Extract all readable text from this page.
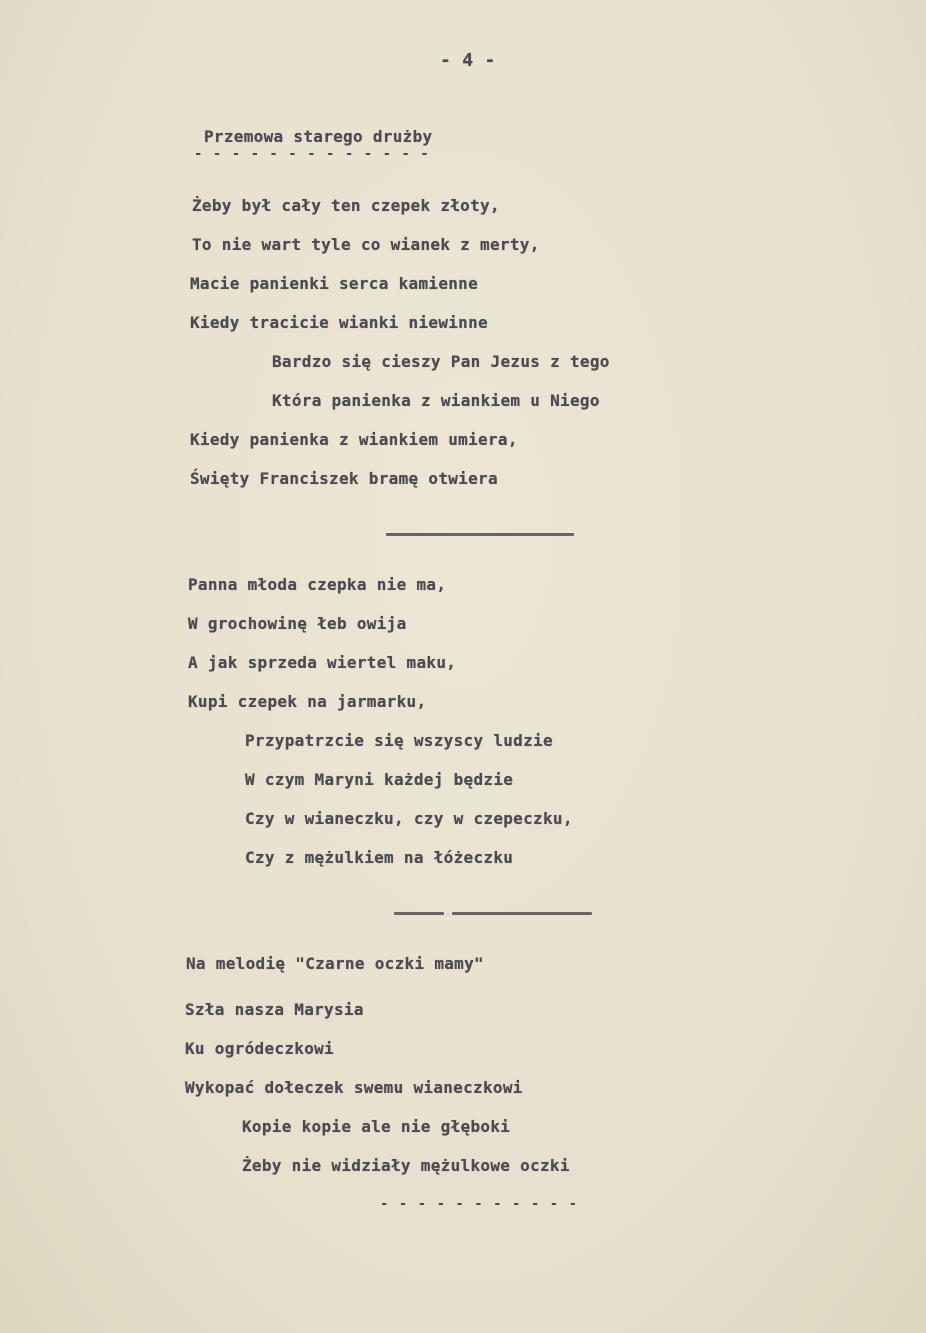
- 4 -
Przemowa starego drużby
- - - - - - - - - - - - -
Żeby był cały ten czepek złoty,
To nie wart tyle co wianek z merty,
Macie panienki serca kamienne
Kiedy tracicie wianki niewinne
Bardzo się cieszy Pan Jezus z tego
Która panienka z wiankiem u Niego
Kiedy panienka z wiankiem umiera,
Święty Franciszek bramę otwiera
Panna młoda czepka nie ma,
W grochowinę łeb owija
A jak sprzeda wiertel maku,
Kupi czepek na jarmarku,
Przypatrzcie się wszyscy ludzie
W czym Maryni każdej będzie
Czy w wianeczku, czy w czepeczku,
Czy z mężulkiem na łóżeczku
Na melodię "Czarne oczki mamy"
Szła nasza Marysia
Ku ogródeczkowi
Wykopać dołeczek swemu wianeczkowi
Kopie kopie ale nie głęboki
Żeby nie widziały mężulkowe oczki
- - - - - - - - - - -
